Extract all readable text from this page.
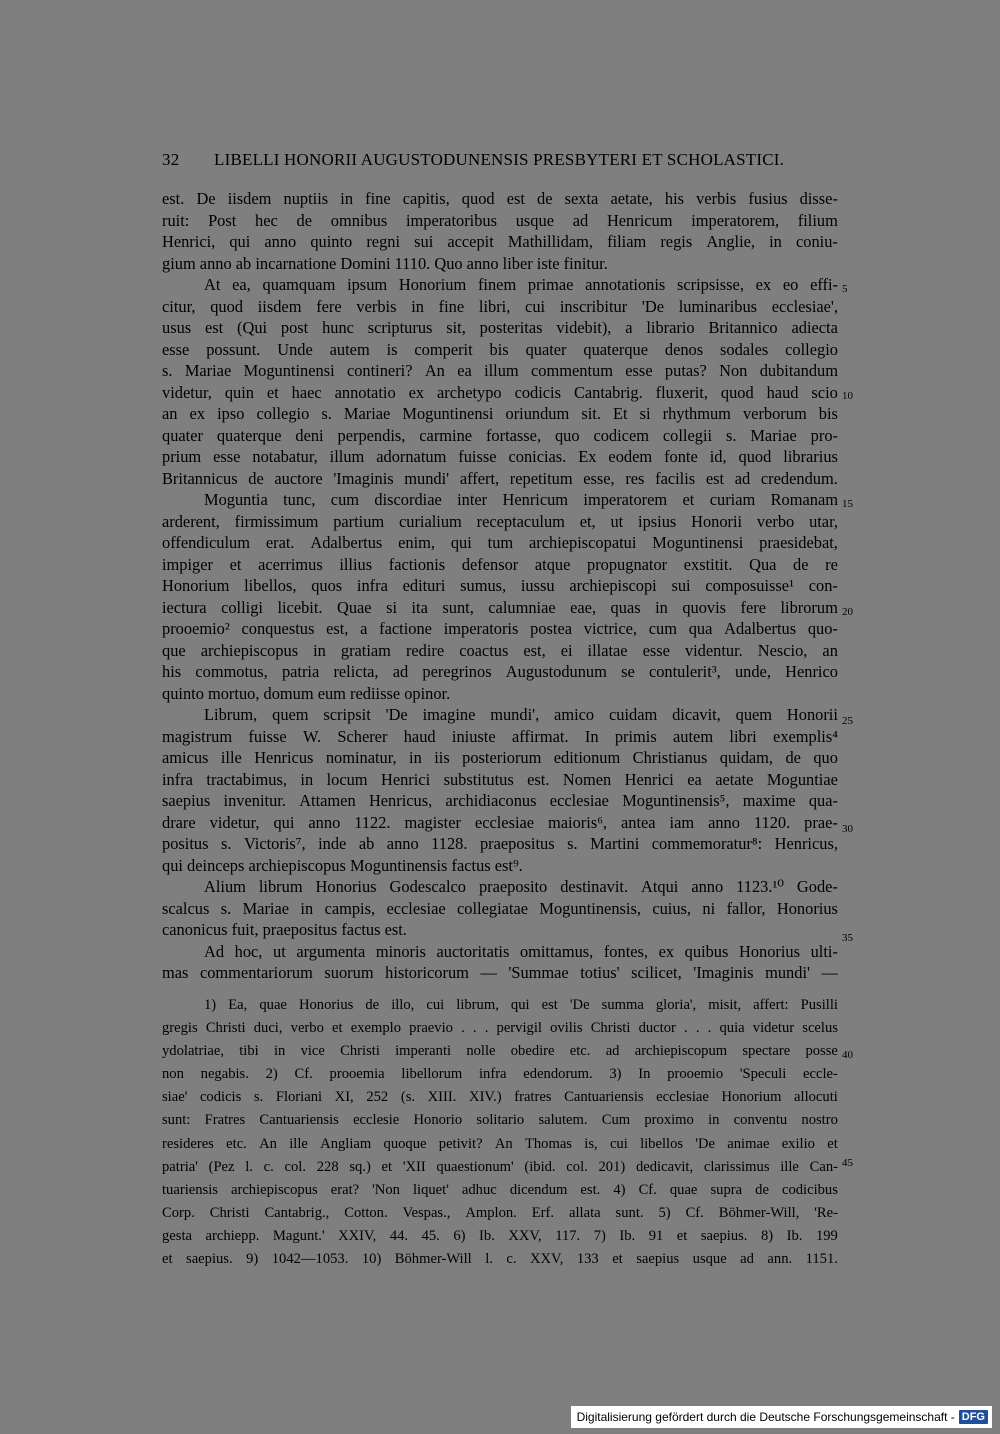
32 LIBELLI HONORII AUGUSTODUNENSIS PRESBYTERI ET SCHOLASTICI.
est. De iisdem nuptiis in fine capitis, quod est de sexta aetate, his verbis fusius disse-
ruit: Post hec de omnibus imperatoribus usque ad Henricum imperatorem, filium
Henrici, qui anno quinto regni sui accepit Mathillidam, filiam regis Anglie, in coniu-
gium anno ab incarnatione Domini 1110. Quo anno liber iste finitur.
At ea, quamquam ipsum Honorium finem primae annotationis scripsisse, ex eo effi-
citur, quod iisdem fere verbis in fine libri, cui inscribitur 'De luminaribus ecclesiae',
usus est (Qui post hunc scripturus sit, posteritas videbit), a librario Britannico adiecta
esse possunt. Unde autem is comperit bis quater quaterque denos sodales collegio
s. Mariae Moguntinensi contineri? An ea illum commentum esse putas? Non dubitandum
videtur, quin et haec annotatio ex archetypo codicis Cantabrig. fluxerit, quod haud scio
an ex ipso collegio s. Mariae Moguntinensi oriundum sit. Et si rhythmum verborum bis
quater quaterque deni perpendis, carmine fortasse, quo codicem collegii s. Mariae pro-
prium esse notabatur, illum adornatum fuisse conicias. Ex eodem fonte id, quod librarius
Britannicus de auctore 'Imaginis mundi' affert, repetitum esse, res facilis est ad credendum.
Moguntia tunc, cum discordiae inter Henricum imperatorem et curiam Romanam
arderent, firmissimum partium curialium receptaculum et, ut ipsius Honorii verbo utar,
offendiculum erat. Adalbertus enim, qui tum archiepiscopatui Moguntinensi praesidebat,
impiger et acerrimus illius factionis defensor atque propugnator exstitit. Qua de re
Honorium libellos, quos infra edituri sumus, iussu archiepiscopi sui composuisse¹ con-
iectura colligi licebit. Quae si ita sunt, calumniae eae, quas in quovis fere librorum
prooemio² conquestus est, a factione imperatoris postea victrice, cum qua Adalbertus quo-
que archiepiscopus in gratiam redire coactus est, ei illatae esse videntur. Nescio, an
his commotus, patria relicta, ad peregrinos Augustodunum se contulerit³, unde, Henrico
quinto mortuo, domum eum rediisse opinor.
Librum, quem scripsit 'De imagine mundi', amico cuidam dicavit, quem Honorii
magistrum fuisse W. Scherer haud iniuste affirmat. In primis autem libri exemplis⁴
amicus ille Henricus nominatur, in iis posteriorum editionum Christianus quidam, de quo
infra tractabimus, in locum Henrici substitutus est. Nomen Henrici ea aetate Moguntiae
saepius invenitur. Attamen Henricus, archidiaconus ecclesiae Moguntinensis⁵, maxime qua-
drare videtur, qui anno 1122. magister ecclesiae maioris⁶, antea iam anno 1120. prae-
positus s. Victoris⁷, inde ab anno 1128. praepositus s. Martini commemoratur⁸: Henricus,
qui deinceps archiepiscopus Moguntinensis factus est⁹.
Alium librum Honorius Godescalco praeposito destinavit. Atqui anno 1123.¹⁰ Gode-
scalcus s. Mariae in campis, ecclesiae collegiatae Moguntinensis, cuius, ni fallor, Honorius
canonicus fuit, praepositus factus est.
Ad hoc, ut argumenta minoris auctoritatis omittamus, fontes, ex quibus Honorius ulti-
mas commentariorum suorum historicorum — 'Summae totius' scilicet, 'Imaginis mundi' —
1) Ea, quae Honorius de illo, cui librum, qui est 'De summa gloria', misit, affert: Pusilli
gregis Christi duci, verbo et exemplo praevio . . . pervigil ovilis Christi ductor . . . quia videtur scelus
ydolatriae, tibi in vice Christi imperanti nolle obedire etc. ad archiepiscopum spectare posse
non negabis. 2) Cf. prooemia libellorum infra edendorum. 3) In prooemio 'Speculi eccle-
siae' codicis s. Floriani XI, 252 (s. XIII. XIV.) fratres Cantuariensis ecclesiae Honorium allocuti
sunt: Fratres Cantuariensis ecclesie Honorio solitario salutem. Cum proximo in conventu nostro
resideres etc. An ille Angliam quoque petivit? An Thomas is, cui libellos 'De animae exilio et
patria' (Pez l. c. col. 228 sq.) et 'XII quaestionum' (ibid. col. 201) dedicavit, clarissimus ille Can-
tuariensis archiepiscopus erat? 'Non liquet' adhuc dicendum est. 4) Cf. quae supra de codicibus
Corp. Christi Cantabrig., Cotton. Vespas., Amplon. Erf. allata sunt. 5) Cf. Böhmer-Will, 'Re-
gesta archiepp. Magunt.' XXIV, 44. 45. 6) Ib. XXV, 117. 7) Ib. 91 et saepius. 8) Ib. 199
et saepius. 9) 1042—1053. 10) Böhmer-Will l. c. XXV, 133 et saepius usque ad ann. 1151.
5
10
15
20
25
30
35
40
45
Digitalisierung gefördert durch die Deutsche Forschungsgemeinschaft - DFG
